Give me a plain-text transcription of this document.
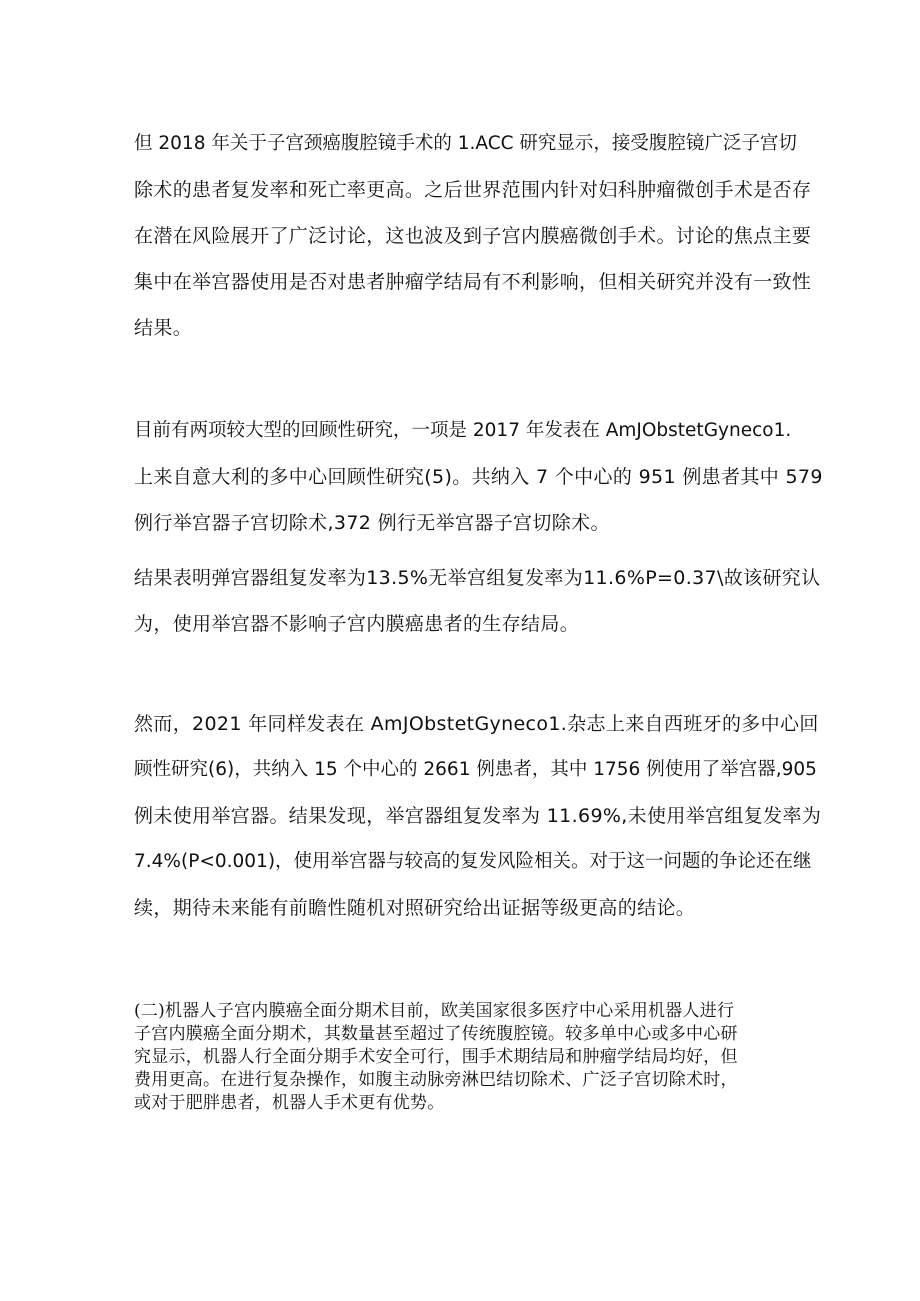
但 2018 年关于子宫颈癌腹腔镜手术的 1.ACC 研究显示，接受腹腔镜广泛子宫切
除术的患者复发率和死亡率更高。之后世界范围内针对妇科肿瘤微创手术是否存
在潜在风险展开了广泛讨论，这也波及到子宫内膜癌微创手术。讨论的焦点主要
集中在举宫器使用是否对患者肿瘤学结局有不利影响，但相关研究并没有一致性
结果。
目前有两项较大型的回顾性研究，一项是 2017 年发表在 AmJObstetGyneco1.
上来自意大利的多中心回顾性研究(5)。共纳入 7 个中心的 951 例患者其中 579
例行举宫器子宫切除术,372 例行无举宫器子宫切除术。
结果表明弹宫器组复发率为13.5%无举宫组复发率为11.6%P=0.37\故该研究认
为，使用举宫器不影响子宫内膜癌患者的生存结局。
然而，2021 年同样发表在 AmJObstetGyneco1.杂志上来自西班牙的多中心回
顾性研究(6)，共纳入 15 个中心的 2661 例患者，其中 1756 例使用了举宫器,905
例未使用举宫器。结果发现，举宫器组复发率为 11.69%,未使用举宫组复发率为
7.4%(P<0.001)，使用举宫器与较高的复发风险相关。对于这一问题的争论还在继
续，期待未来能有前瞻性随机对照研究给出证据等级更高的结论。
(二)机器人子宫内膜癌全面分期术目前，欧美国家很多医疗中心采用机器人进行
子宫内膜癌全面分期术，其数量甚至超过了传统腹腔镜。较多单中心或多中心研
究显示，机器人行全面分期手术安全可行，围手术期结局和肿瘤学结局均好，但
费用更高。在进行复杂操作，如腹主动脉旁淋巴结切除术、广泛子宫切除术时，
或对于肥胖患者，机器人手术更有优势。
